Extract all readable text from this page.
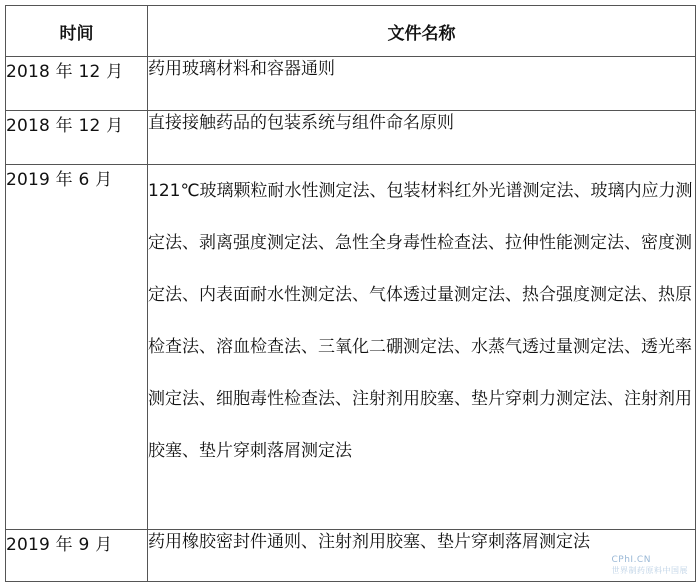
时间	文件名称
2018 年 12 月	药用玻璃材料和容器通则
2018 年 12 月	直接接触药品的包装系统与组件命名原则
2019 年 6 月	121℃玻璃颗粒耐水性测定法、包装材料红外光谱测定法、玻璃内应力测定法、剥离强度测定法、急性全身毒性检查法、拉伸性能测定法、密度测定法、内表面耐水性测定法、气体透过量测定法、热合强度测定法、热原检查法、溶血检查法、三氧化二硼测定法、水蒸气透过量测定法、透光率测定法、细胞毒性检查法、注射剂用胶塞、垫片穿刺力测定法、注射剂用胶塞、垫片穿刺落屑测定法
2019 年 9 月	药用橡胶密封件通则、注射剂用胶塞、垫片穿刺落屑测定法
CPhI.CN
世界制药原料中国展
